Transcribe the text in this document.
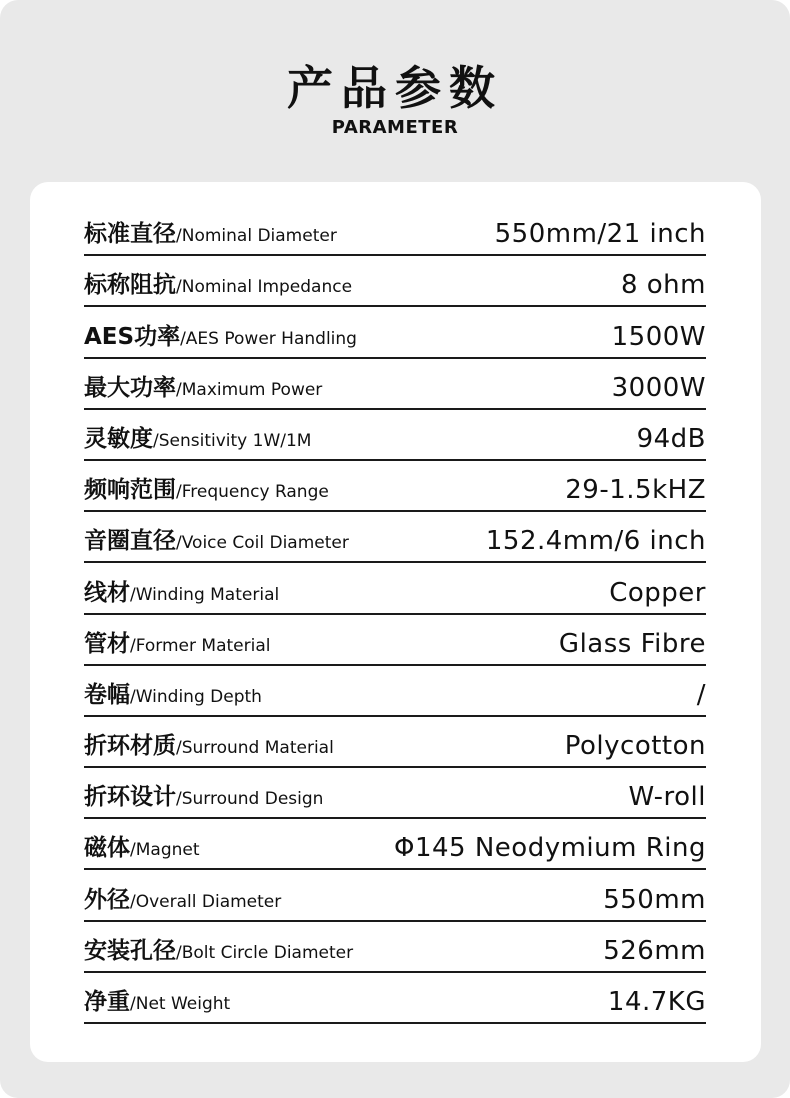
产品参数
PARAMETER
标准直径/Nominal Diameter	550mm/21 inch
标称阻抗/Nominal Impedance	8 ohm
AES功率/AES Power Handling	1500W
最大功率/Maximum Power	3000W
灵敏度/Sensitivity 1W/1M	94dB
频响范围/Frequency Range	29-1.5kHZ
音圈直径/Voice Coil Diameter	152.4mm/6 inch
线材/Winding Material	Copper
管材/Former Material	Glass Fibre
卷幅/Winding Depth	/
折环材质/Surround Material	Polycotton
折环设计/Surround Design	W-roll
磁体/Magnet	Φ145 Neodymium Ring
外径/Overall Diameter	550mm
安装孔径/Bolt Circle Diameter	526mm
净重/Net Weight	14.7KG
